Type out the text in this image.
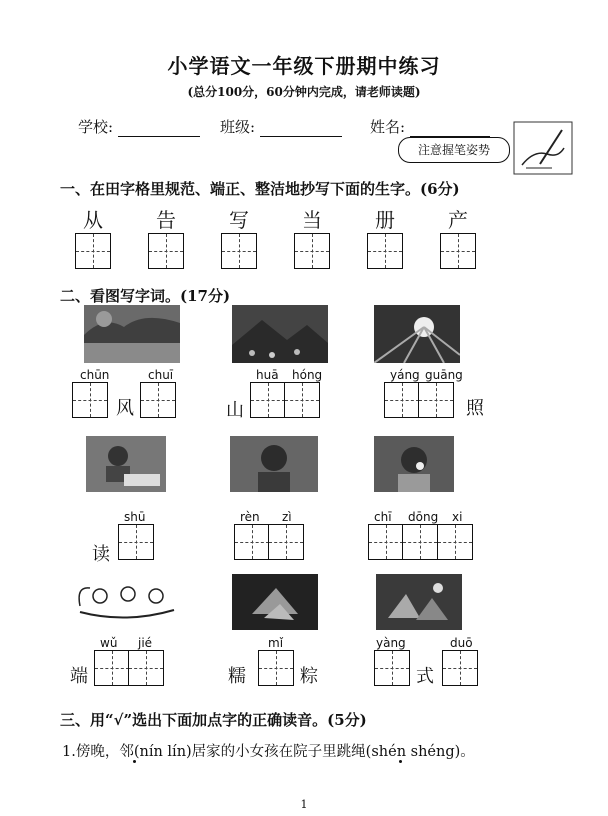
小学语文一年级下册期中练习
(总分100分，60分钟内完成，请老师读题)
学校:	班级:	姓名:
注意握笔姿势
一、在田字格里规范、端正、整洁地抄写下面的生字。(6分)
从	告	写	当	册	产
二、看图写字词。(17分)
chūn	chuī	huā hóng	yáng guāng
风	山	照
shū	rèn zì	chī dōng xi
读
wǔ jié	mǐ	yàng	duō
端	糯	粽	式
三、用“√”选出下面加点字的正确读音。(5分)
1.傍晚，邻(nín lín)居家的小女孩在院子里跳绳(shén shéng)。
1
